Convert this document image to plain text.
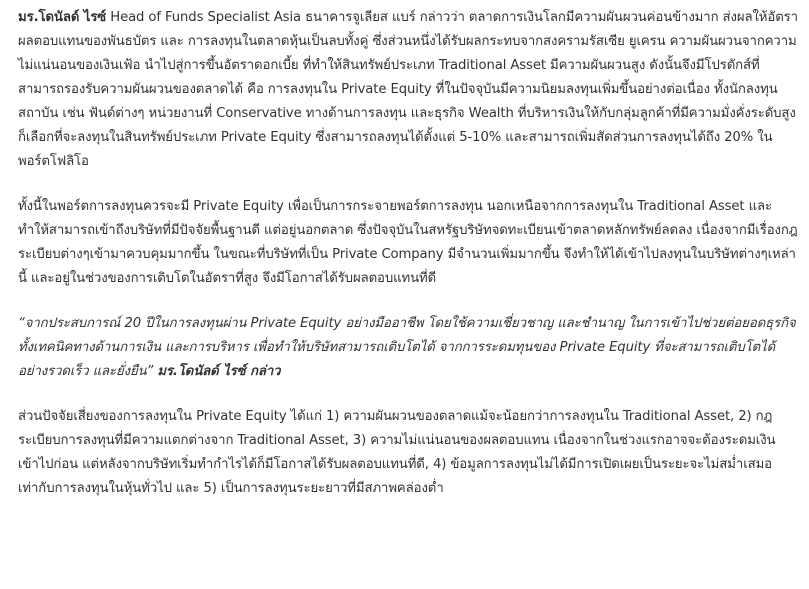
มร.โดนัลด์ ไรซ์ Head of Funds Specialist Asia ธนาคารจูเลียส แบร์ กล่าวว่า ตลาดการเงินโลกมีความผันผวนค่อนข้างมาก ส่งผลให้อัตราผลตอบแทนของพันธบัตร และ การลงทุนในตลาดหุ้นเป็นลบทั้งคู่ ซึ่งส่วนหนึ่งได้รับผลกระทบจากสงครามรัสเซีย ยูเครน ความผันผวนจากความไม่แน่นอนของเงินเฟ้อ นำไปสู่การขึ้นอัตราดอกเบี้ย ที่ทำให้สินทรัพย์ประเภท Traditional Asset มีความผันผวนสูง ดังนั้นจึงมีโปรดักส์ที่สามารถรองรับความผันผวนของตลาดได้ คือ การลงทุนใน Private Equity ที่ในปัจจุบันมีความนิยมลงทุนเพิ่มขึ้นอย่างต่อเนื่อง ทั้งนักลงทุนสถาบัน เช่น ฟันด์ต่างๆ หน่วยงานที่ Conservative ทางด้านการลงทุน และธุรกิจ Wealth ที่บริหารเงินให้กับกลุ่มลูกค้าที่มีความมั่งคั่งระดับสูง ก็เลือกที่จะลงทุนในสินทรัพย์ประเภท Private Equity ซึ่งสามารถลงทุนได้ตั้งแต่ 5-10% และสามารถเพิ่มสัดส่วนการลงทุนได้ถึง 20% ในพอร์ตโฟลิโอ

ทั้งนี้ในพอร์ตการลงทุนควรจะมี Private Equity เพื่อเป็นการกระจายพอร์ตการลงทุน นอกเหนือจากการลงทุนใน Traditional Asset และทำให้สามารถเข้าถึงบริษัทที่มีปัจจัยพื้นฐานดี แต่อยู่นอกตลาด ซึ่งปัจจุบันในสหรัฐบริษัทจดทะเบียนเข้าตลาดหลักทรัพย์ลดลง เนื่องจากมีเรื่องกฎระเบียบต่างๆเข้ามาควบคุมมากขึ้น ในขณะที่บริษัทที่เป็น Private Company มีจำนวนเพิ่มมากขึ้น จึงทำให้ได้เข้าไปลงทุนในบริษัทต่างๆเหล่านี้ และอยู่ในช่วงของการเติบโตในอัตราที่สูง จึงมีโอกาสได้รับผลตอบแทนที่ดี

“จากประสบการณ์ 20 ปีในการลงทุนผ่าน Private Equity อย่างมืออาชีพ โดยใช้ความเชี่ยวชาญ และชำนาญ ในการเข้าไปช่วยต่อยอดธุรกิจ ทั้งเทคนิคทางด้านการเงิน และการบริหาร เพื่อทำให้บริษัทสามารถเติบโตได้ จากการระดมทุนของ Private Equity ที่จะสามารถเติบโตได้อย่างรวดเร็ว และยั่งยืน” มร.โดนัลด์ ไรซ์ กล่าว

ส่วนปัจจัยเสี่ยงของการลงทุนใน Private Equity ได้แก่ 1) ความผันผวนของตลาดแม้จะน้อยกว่าการลงทุนใน Traditional Asset, 2) กฎระเบียบการลงทุนที่มีความแตกต่างจาก Traditional Asset, 3) ความไม่แน่นอนของผลตอบแทน เนื่องจากในช่วงแรกอาจจะต้องระดมเงินเข้าไปก่อน แต่หลังจากบริษัทเริ่มทำกำไรได้ก็มีโอกาสได้รับผลตอบแทนที่ดี, 4) ข้อมูลการลงทุนไม่ได้มีการเปิดเผยเป็นระยะจะไม่สม่ำเสมอเท่ากับการลงทุนในหุ้นทั่วไป และ 5) เป็นการลงทุนระยะยาวที่มีสภาพคล่องต่ำ
